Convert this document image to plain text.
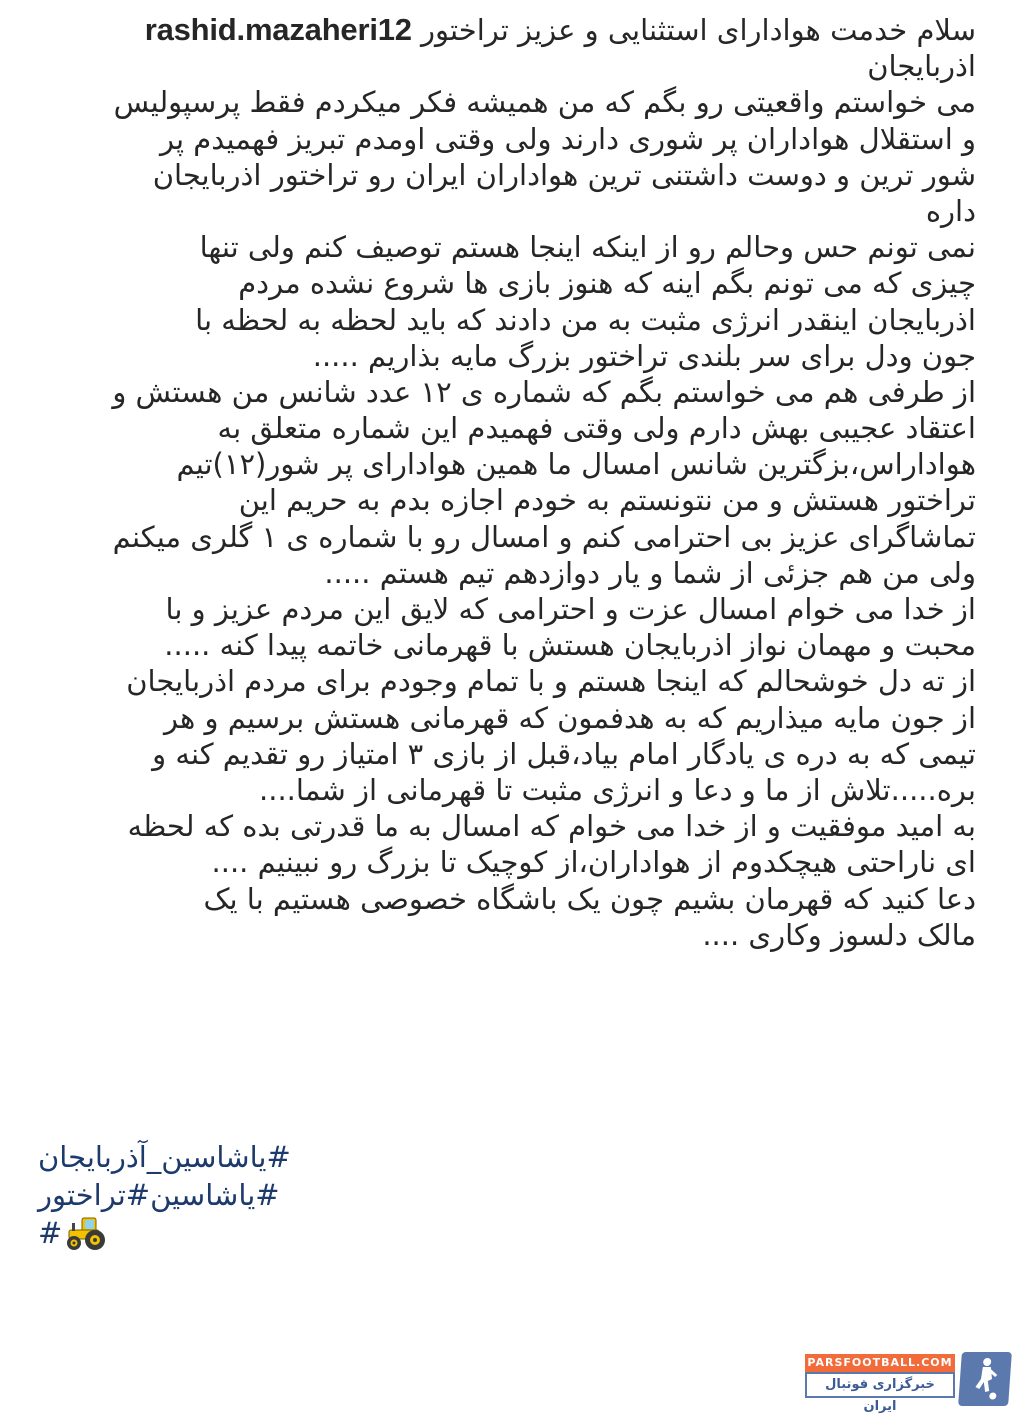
سلام خدمت هوادارای استثنایی و عزیز تراختور rashid.mazaheri12
اذربایجان
می خواستم واقعیتی رو بگم که من همیشه فکر میکردم فقط پرسپولیس
و استقلال هواداران پر شوری دارند ولی وقتی اومدم تبریز فهمیدم پر
شور ترین و دوست داشتنی ترین هواداران ایران رو تراختور اذربایجان
داره
نمی تونم حس وحالم رو از اینکه اینجا هستم توصیف کنم ولی تنها
چیزی که می تونم بگم اینه که هنوز بازی ها شروع نشده مردم
اذربایجان اینقدر انرژی مثبت به من دادند که باید لحظه به لحظه با
جون ودل برای سر بلندی تراختور بزرگ مایه بذاریم .....
از طرفی هم می خواستم بگم که شماره ی ۱۲ عدد شانس من هستش و
اعتقاد عجیبی بهش دارم ولی وقتی فهمیدم این شماره متعلق به
هواداراس،بزگترین شانس امسال ما همین هوادارای پر شور(۱۲)تیم
تراختور هستش و من نتونستم به خودم اجازه بدم به حریم این
تماشاگرای عزیز بی احترامی کنم و امسال رو با شماره ی ۱ گلری میکنم
ولی من هم جزئی از شما و یار دوازدهم تیم هستم .....
از خدا می خوام امسال عزت و احترامی که لایق این مردم عزیز و با
محبت و مهمان نواز اذربایجان هستش با قهرمانی خاتمه پیدا کنه .....
از ته دل خوشحالم که اینجا هستم و با تمام وجودم برای مردم اذربایجان
از جون مایه میذاریم که به هدفمون که قهرمانی هستش برسیم و هر
تیمی که به دره ی یادگار امام بیاد،قبل از بازی ۳ امتیاز رو تقدیم کنه و
بره.....تلاش از ما و دعا و انرژی مثبت تا قهرمانی از شما....
به امید موفقیت و از خدا می خوام که امسال به ما قدرتی بده که لحظه
ای ناراحتی هیچکدوم از هواداران،از کوچیک تا بزرگ رو نبینیم ....
دعا کنید که قهرمان بشیم چون یک باشگاه خصوصی هستیم با یک
مالک دلسوز وکاری ....
#یاشاسین_آذربایجان
#یاشاسین#تراختور
#
PARSFOOTBALL.COM
خبرگزاری فوتبال ایران
